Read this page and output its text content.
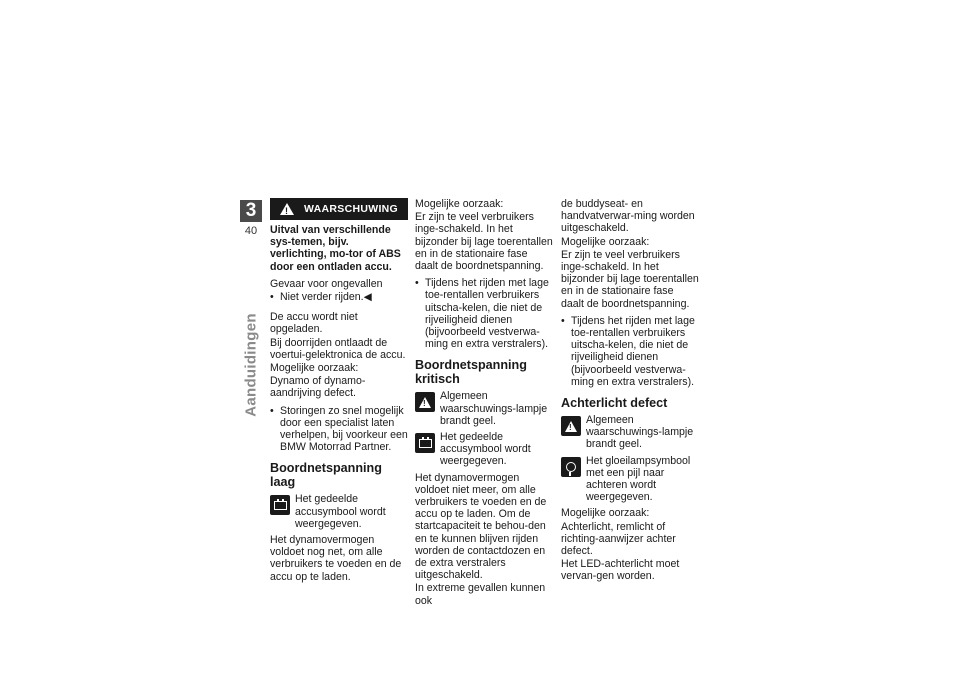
3
40
Aanduidingen
!
WAARSCHUWING

Uitval van verschillende sys-temen, bijv. verlichting, mo-tor of ABS door een ontladen accu.

Gevaar voor ongevallen

• Niet verder rijden.◀

De accu wordt niet opgeladen.

Bij doorrijden ontlaadt de voertui-gelektronica de accu.

Mogelijke oorzaak:

Dynamo of dynamo-aandrijving defect.

• Storingen zo snel mogelijk door een specialist laten verhelpen, bij voorkeur een BMW Motorrad Partner.
Boordnetspanning laag
Het gedeelde accusymbool wordt weergegeven.

Het dynamovermogen voldoet nog net, om alle verbruikers te voeden en de accu op te laden.

Mogelijke oorzaak:

Er zijn te veel verbruikers inge-schakeld. In het bijzonder bij lage toerentallen en in de stationaire fase daalt de boordnetspanning.

• Tijdens het rijden met lage toe-rentallen verbruikers uitscha-kelen, die niet de rijveiligheid dienen (bijvoorbeeld vestverwa-ming en extra verstralers).
Boordnetspanning kritisch
!
Algemeen waarschuwings-lampje brandt geel.
Het gedeelde accusymbool wordt weergegeven.

Het dynamovermogen voldoet niet meer, om alle verbruikers te voeden en de accu op te laden. Om de startcapaciteit te behou-den en te kunnen blijven rijden worden de contactdozen en de extra verstralers uitgeschakeld.

In extreme gevallen kunnen ook

de buddyseat- en handvatverwar-ming worden uitgeschakeld.

Mogelijke oorzaak:

Er zijn te veel verbruikers inge-schakeld. In het bijzonder bij lage toerentallen en in de stationaire fase daalt de boordnetspanning.

• Tijdens het rijden met lage toe-rentallen verbruikers uitscha-kelen, die niet de rijveiligheid dienen (bijvoorbeeld vestverwa-ming en extra verstralers).
Achterlicht defect
!
Algemeen waarschuwings-lampje brandt geel.
Het gloeilampsymbool met een pijl naar achteren wordt weergegeven.

Mogelijke oorzaak:

Achterlicht, remlicht of richting-aanwijzer achter defect.

Het LED-achterlicht moet vervan-gen worden.
